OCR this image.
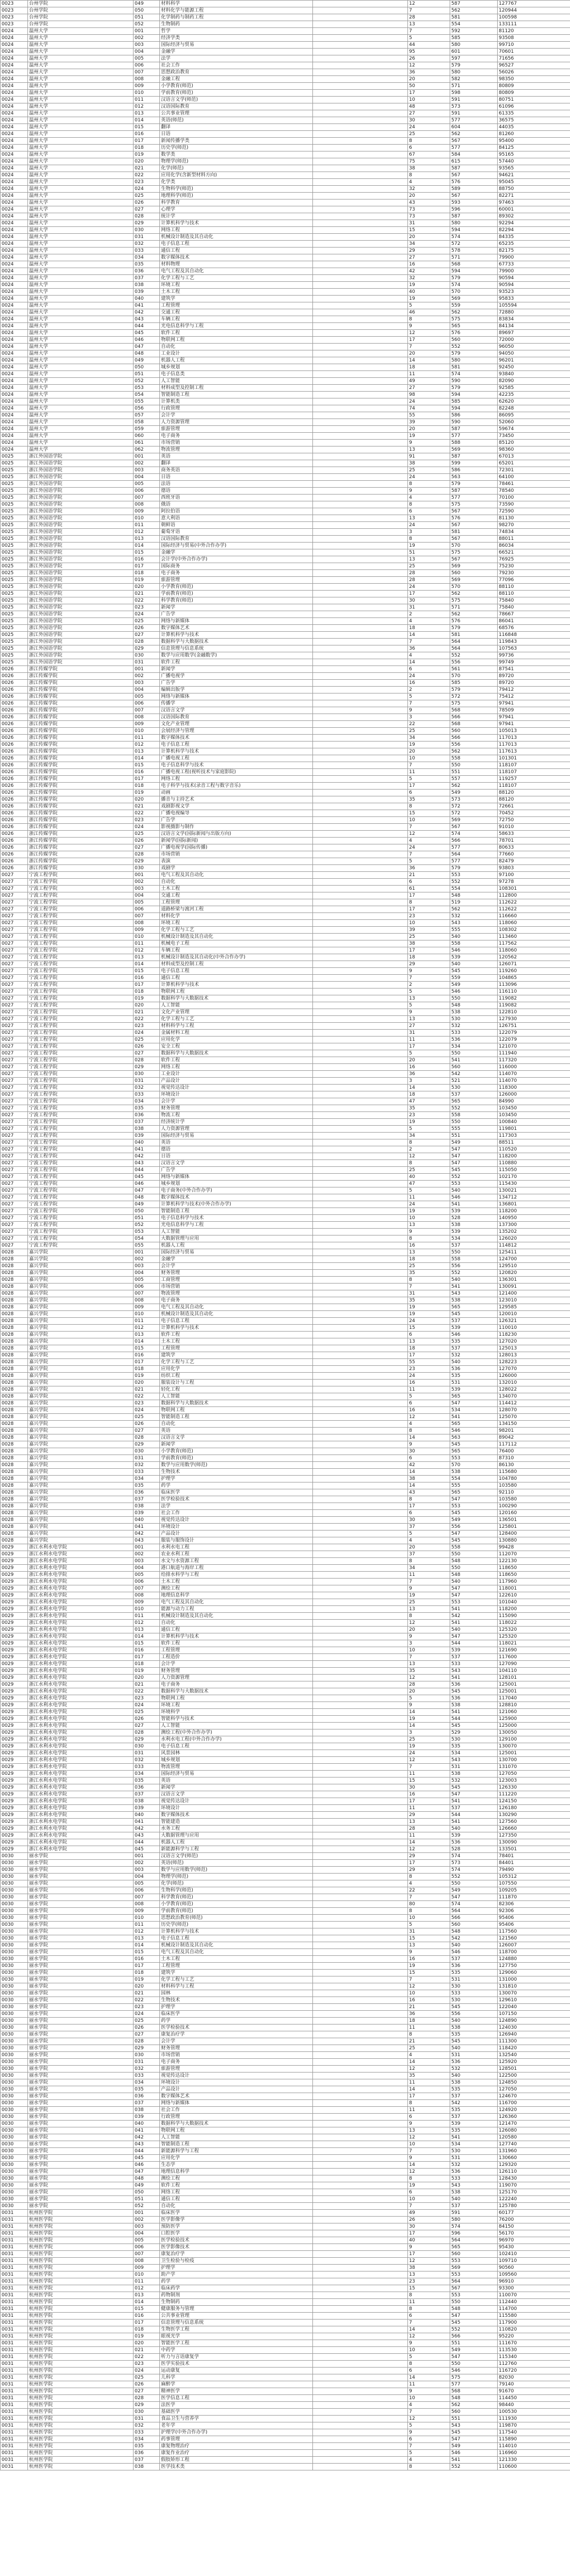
0023	台州学院	049	材料科学		12	587	127767
0023	台州学院	050	材料化学与能源工程		7	562	120944
0023	台州学院	051	化学制药与制药工程		28	581	100598
0023	台州学院	052	生物制药		13	554	133111
0024	温州大学	001	哲学		7	592	81120
0024	温州大学	002	经济学类		5	585	93508
0024	温州大学	003	国际经济与贸易		44	580	99710
0024	温州大学	004	金融学		95	601	70601
0024	温州大学	005	法学		26	597	71656
0024	温州大学	006	社会工作		12	579	96527
0024	温州大学	007	思想政治教育		36	580	56026
0024	温州大学	008	金融工程		20	582	98350
0024	温州大学	009	小学教育(师范)		50	571	80809
0024	温州大学	010	学前教育(师范)		17	598	80809
0024	温州大学	011	汉语言文学(师范)		10	591	80751
0024	温州大学	012	汉语国际教育		48	573	61096
0024	温州大学	013	公共事业管理		27	591	61335
0024	温州大学	014	英语(师范)		30	577	36575
0024	温州大学	015	翻译		24	604	44035
0024	温州大学	016	日语		25	562	81260
0024	温州大学	017	新闻传播学类		8	567	95400
0024	温州大学	018	历史学(师范)		6	577	84125
0024	温州大学	019	数学类		67	584	95165
0024	温州大学	020	物理学(师范)		75	615	57440
0024	温州大学	021	化学(师范)		38	587	93565
0024	温州大学	022	应用化学(含新型材料方向)		8	567	94621
0024	温州大学	023	化学类		4	576	95045
0024	温州大学	024	生物科学(师范)		32	589	88750
0024	温州大学	025	地理科学(师范)		20	567	82271
0024	温州大学	026	科学教育		43	593	97463
0024	温州大学	027	心理学		73	596	60001
0024	温州大学	028	统计学		73	587	89302
0024	温州大学	029	计算机科学与技术		31	580	92294
0024	温州大学	030	网络工程		15	594	82294
0024	温州大学	031	机械设计制造及其自动化		20	574	84335
0024	温州大学	032	电子信息工程		34	572	65235
0024	温州大学	033	通信工程		29	578	82175
0024	温州大学	034	数字媒体技术		27	571	79900
0024	温州大学	035	材料物理		16	568	67733
0024	温州大学	036	电气工程及其自动化		42	594	79900
0024	温州大学	037	化学工程与工艺		32	579	90594
0024	温州大学	038	环境工程		19	574	90594
0024	温州大学	039	土木工程		40	570	93523
0024	温州大学	040	建筑学		19	569	95833
0024	温州大学	041	工程管理		5	559	105594
0024	温州大学	042	交通工程		46	562	72880
0024	温州大学	043	车辆工程		8	575	83834
0024	温州大学	044	光电信息科学与工程		9	565	84134
0024	温州大学	045	软件工程		12	576	89697
0024	温州大学	046	物联网工程		17	560	72000
0024	温州大学	047	自动化		7	552	96050
0024	温州大学	048	工业设计		20	579	94050
0024	温州大学	049	机器人工程		14	580	96201
0024	温州大学	050	城乡规划		18	581	92450
0024	温州大学	051	电子信息类		11	574	93840
0024	温州大学	052	人工智能		49	590	82090
0024	温州大学	053	材料成型及控制工程		27	579	92585
0024	温州大学	054	智能制造工程		98	594	42235
0024	温州大学	055	计算机类		24	585	62620
0024	温州大学	056	行政管理		74	594	82248
0024	温州大学	057	会计学		55	586	86095
0024	温州大学	058	人力资源管理		39	590	52060
0024	温州大学	059	旅游管理		20	587	59674
0024	温州大学	060	电子商务		19	577	73450
0024	温州大学	061	市场营销		9	588	85120
0024	温州大学	062	物流管理		13	569	98360
0025	浙江外国语学院	001	英语		91	587	67013
0025	浙江外国语学院	002	翻译		38	599	65201
0025	浙江外国语学院	003	商务英语		25	586	72301
0025	浙江外国语学院	004	日语		24	563	64100
0025	浙江外国语学院	005	法语		8	579	78461
0025	浙江外国语学院	006	德语		9	587	78540
0025	浙江外国语学院	007	西班牙语		4	577	70100
0025	浙江外国语学院	008	俄语		8	575	73590
0025	浙江外国语学院	009	阿拉伯语		6	567	72590
0025	浙江外国语学院	010	意大利语		13	576	81130
0025	浙江外国语学院	011	朝鲜语		24	567	98270
0025	浙江外国语学院	012	葡萄牙语		3	581	74834
0025	浙江外国语学院	013	汉语国际教育		8	567	88011
0025	浙江外国语学院	014	国际经济与贸易(中外合作办学)		19	570	86034
0025	浙江外国语学院	015	金融学		51	575	66521
0025	浙江外国语学院	016	会计学(中外合作办学)		13	567	76925
0025	浙江外国语学院	017	国际商务		25	569	75230
0025	浙江外国语学院	018	电子商务		28	560	79230
0025	浙江外国语学院	019	旅游管理		28	569	77096
0025	浙江外国语学院	020	小学教育(师范)		24	570	88110
0025	浙江外国语学院	021	学前教育(师范)		17	562	88110
0025	浙江外国语学院	022	科学教育(师范)		30	575	75840
0025	浙江外国语学院	023	新闻学		31	571	75840
0025	浙江外国语学院	024	广告学		2	562	78667
0025	浙江外国语学院	025	网络与新媒体		4	576	86041
0025	浙江外国语学院	026	数字媒体艺术		18	579	68576
0025	浙江外国语学院	027	计算机科学与技术		14	581	116848
0025	浙江外国语学院	028	数据科学与大数据技术		7	564	119843
0025	浙江外国语学院	029	信息管理与信息系统		36	564	107563
0025	浙江外国语学院	030	数学与应用数学(金融数学)		4	552	99736
0025	浙江外国语学院	031	软件工程		14	556	99749
0026	浙江传媒学院	001	新闻学		6	561	87541
0026	浙江传媒学院	002	广播电视学		24	570	89720
0026	浙江传媒学院	003	广告学		16	585	89720
0026	浙江传媒学院	004	编辑出版学		2	579	79412
0026	浙江传媒学院	005	网络与新媒体		5	572	75412
0026	浙江传媒学院	006	传播学		7	575	97941
0026	浙江传媒学院	007	汉语言文学		9	568	78509
0026	浙江传媒学院	008	汉语国际教育		3	566	97941
0026	浙江传媒学院	009	文化产业管理		22	568	97941
0026	浙江传媒学院	010	会展经济与管理		25	560	105013
0026	浙江传媒学院	011	数字媒体技术		34	566	117013
0026	浙江传媒学院	012	电子信息工程		19	556	117013
0026	浙江传媒学院	013	计算机科学与技术		20	562	117613
0026	浙江传媒学院	014	广播电视工程		10	558	101301
0026	浙江传媒学院	015	电子信息科学与技术		7	550	118107
0026	浙江传媒学院	016	广播电视工程(视听技术与家庭影院)		11	551	118107
0026	浙江传媒学院	017	网络工程		5	557	119257
0026	浙江传媒学院	018	电子科学与技术(录音工程与数字音乐)		17	562	118107
0026	浙江传媒学院	019	动画		6	549	88120
0026	浙江传媒学院	020	播音与主持艺术		35	573	88120
0026	浙江传媒学院	021	戏剧影视文学		8	572	72661
0026	浙江传媒学院	022	广播电视编导		15	572	70452
0026	浙江传媒学院	023	广告学		10	569	72750
0026	浙江传媒学院	024	影视摄影与制作		7	567	91010
0026	浙江传媒学院	025	汉语言文学(国际新闻与出版方向)		12	574	58633
0026	浙江传媒学院	026	新闻学(国际新闻)		4	566	78701
0026	浙江传媒学院	027	广播电视学(国际传播)		24	577	80633
0026	浙江传媒学院	028	市场营销		7	564	77660
0026	浙江传媒学院	029	表演		5	577	82479
0026	浙江传媒学院	030	戏剧学		36	579	93803
0027	宁波工程学院	001	电气工程及其自动化		21	553	97100
0027	宁波工程学院	002	自动化		6	552	97278
0027	宁波工程学院	003	土木工程		61	554	108301
0027	宁波工程学院	004	交通工程		17	548	112800
0027	宁波工程学院	005	工程管理		8	519	112622
0027	宁波工程学院	006	道路桥梁与渡河工程		17	562	112622
0027	宁波工程学院	007	材料化学		23	532	116660
0027	宁波工程学院	008	环境工程		10	543	118060
0027	宁波工程学院	009	化学工程与工艺		39	555	108302
0027	宁波工程学院	010	机械设计制造及其自动化		25	540	113460
0027	宁波工程学院	011	机械电子工程		38	558	117562
0027	宁波工程学院	012	车辆工程		17	546	118060
0027	宁波工程学院	013	机械设计制造及其自动化(中外合作办学)		18	539	120562
0027	宁波工程学院	014	材料成型及控制工程		29	540	126071
0027	宁波工程学院	015	电子信息工程		9	545	119260
0027	宁波工程学院	016	通信工程		7	559	104865
0027	宁波工程学院	017	计算机科学与技术		2	549	113096
0027	宁波工程学院	018	物联网工程		5	546	116110
0027	宁波工程学院	019	数据科学与大数据技术		13	550	119082
0027	宁波工程学院	020	人工智能		5	548	119082
0027	宁波工程学院	021	文化产业管理		9	538	122810
0027	宁波工程学院	022	化学工程与工艺		13	530	127930
0027	宁波工程学院	023	材料科学与工程		27	532	126751
0027	宁波工程学院	024	金属材料工程		31	533	122079
0027	宁波工程学院	025	应用化学		11	536	122079
0027	宁波工程学院	026	安全工程		17	534	121070
0027	宁波工程学院	027	数据科学与大数据技术		5	550	111940
0027	宁波工程学院	028	软件工程		20	541	117320
0027	宁波工程学院	029	网络工程		16	560	116000
0027	宁波工程学院	030	工业设计		36	542	114070
0027	宁波工程学院	031	产品设计		3	521	114070
0027	宁波工程学院	032	视觉传达设计		14	530	118300
0027	宁波工程学院	033	环境设计		18	537	126000
0027	宁波工程学院	034	会计学		47	565	84990
0027	宁波工程学院	035	财务管理		35	552	103450
0027	宁波工程学院	036	物流工程		23	558	103450
0027	宁波工程学院	037	经济统计学		19	550	100840
0027	宁波工程学院	038	人力资源管理		5	555	119801
0027	宁波工程学院	039	国际经济与贸易		34	551	117303
0027	宁波工程学院	040	英语		8	549	88511
0027	宁波工程学院	041	德语		2	547	110520
0027	宁波工程学院	042	日语		12	547	118200
0027	宁波工程学院	043	汉语言文学		8	547	110880
0027	宁波工程学院	044	广告学		25	545	115050
0027	宁波工程学院	045	网络与新媒体		40	552	102170
0027	宁波工程学院	046	城乡规划		47	553	115430
0027	宁波工程学院	047	电子商务(中外合作办学)		5	540	130021
0027	宁波工程学院	048	数字媒体技术		11	546	134712
0027	宁波工程学院	049	计算机科学与技术(中外合作办学)		24	541	136801
0027	宁波工程学院	050	智能制造工程		19	539	118200
0027	宁波工程学院	051	电子信息科学与技术		10	528	140950
0027	宁波工程学院	052	光电信息科学与工程		13	538	137300
0027	宁波工程学院	053	人工智能		9	539	135202
0027	宁波工程学院	054	大数据管理与应用		8	534	126020
0027	宁波工程学院	055	机器人工程		16	537	114812
0028	嘉兴学院	001	国际经济与贸易		13	550	125411
0028	嘉兴学院	002	金融学		18	558	124700
0028	嘉兴学院	003	会计学		25	556	129510
0028	嘉兴学院	004	财务管理		35	552	120820
0028	嘉兴学院	005	工商管理		8	540	136301
0028	嘉兴学院	006	市场营销		7	541	130091
0028	嘉兴学院	007	物流管理		31	543	121400
0028	嘉兴学院	008	电子商务		35	538	123010
0028	嘉兴学院	009	电气工程及其自动化		19	565	129585
0028	嘉兴学院	010	机械设计制造及其自动化		19	545	120010
0028	嘉兴学院	011	电子信息工程		24	537	126321
0028	嘉兴学院	012	计算机科学与技术		15	539	110010
0028	嘉兴学院	013	软件工程		6	546	118230
0028	嘉兴学院	014	土木工程		13	535	127020
0028	嘉兴学院	015	工程管理		18	537	125013
0028	嘉兴学院	016	建筑学		17	532	128013
0028	嘉兴学院	017	化学工程与工艺		55	540	128223
0028	嘉兴学院	018	应用化学		23	536	127070
0028	嘉兴学院	019	纺织工程		24	535	126000
0028	嘉兴学院	020	服装设计与工程		16	531	132010
0028	嘉兴学院	021	轻化工程		11	539	128022
0028	嘉兴学院	022	人工智能		5	565	134070
0028	嘉兴学院	023	数据科学与大数据技术		6	547	114412
0028	嘉兴学院	024	物联网工程		16	534	128070
0028	嘉兴学院	025	智能制造工程		12	541	125070
0028	嘉兴学院	026	自动化		4	565	134150
0028	嘉兴学院	027	英语		8	546	98201
0028	嘉兴学院	028	汉语言文学		14	563	89042
0028	嘉兴学院	029	新闻学		9	545	117112
0028	嘉兴学院	030	小学教育(师范)		30	565	76400
0028	嘉兴学院	031	学前教育(师范)		6	553	87310
0028	嘉兴学院	032	数学与应用数学(师范)		42	570	86130
0028	嘉兴学院	033	生物技术		14	538	115680
0028	嘉兴学院	034	护理学		38	554	104780
0028	嘉兴学院	035	药学		14	555	103580
0028	嘉兴学院	036	临床医学		43	565	92110
0028	嘉兴学院	037	医学检验技术		8	547	103580
0028	嘉兴学院	038	法学		17	553	100290
0028	嘉兴学院	039	社会工作		6	545	120160
0028	嘉兴学院	040	视觉传达设计		30	549	136501
0028	嘉兴学院	041	环境设计		37	556	125801
0028	嘉兴学院	042	产品设计		5	547	128400
0028	嘉兴学院	043	服装与服饰设计		4	545	130880
0029	浙江水利水电学院	001	水利水电工程		20	558	99428
0029	浙江水利水电学院	002	农业水利工程		37	550	112070
0029	浙江水利水电学院	003	水文与水资源工程		8	548	122130
0029	浙江水利水电学院	004	港口航道与海岸工程		34	550	118650
0029	浙江水利水电学院	005	给排水科学与工程		11	548	118650
0029	浙江水利水电学院	006	土木工程		7	540	117960
0029	浙江水利水电学院	007	测绘工程		9	547	118001
0029	浙江水利水电学院	008	地理信息科学		19	547	122610
0029	浙江水利水电学院	009	电气工程及其自动化		25	553	101040
0029	浙江水利水电学院	010	能源与动力工程		13	541	118200
0029	浙江水利水电学院	011	机械设计制造及其自动化		8	542	115090
0029	浙江水利水电学院	012	自动化		12	541	118022
0029	浙江水利水电学院	013	通信工程		20	540	125320
0029	浙江水利水电学院	014	计算机科学与技术		9	547	125320
0029	浙江水利水电学院	015	软件工程		3	544	118021
0029	浙江水利水电学院	016	工程管理		10	539	121690
0029	浙江水利水电学院	017	工程造价		7	537	117600
0029	浙江水利水电学院	018	会计学		13	533	127090
0029	浙江水利水电学院	019	财务管理		35	543	104110
0029	浙江水利水电学院	020	人力资源管理		12	541	128101
0029	浙江水利水电学院	021	电子商务		28	536	125001
0029	浙江水利水电学院	022	数据科学与大数据技术		20	545	125001
0029	浙江水利水电学院	023	物联网工程		5	536	117040
0029	浙江水利水电学院	024	环境工程		9	538	128810
0029	浙江水利水电学院	025	环境科学		14	541	121060
0029	浙江水利水电学院	026	智能科学与技术		19	544	125900
0029	浙江水利水电学院	027	人工智能		14	545	125000
0029	浙江水利水电学院	028	测绘工程(中外合作办学)		3	529	130050
0029	浙江水利水电学院	029	水利水电工程(中外合作办学)		25	530	129100
0029	浙江水利水电学院	030	电子信息工程		19	535	130070
0029	浙江水利水电学院	031	风景园林		24	534	125001
0029	浙江水利水电学院	032	城乡规划		12	543	130700
0029	浙江水利水电学院	033	物流管理		7	531	131070
0029	浙江水利水电学院	034	国际经济与贸易		11	538	127050
0029	浙江水利水电学院	035	英语		15	532	123003
0029	浙江水利水电学院	036	新闻学		30	545	126330
0029	浙江水利水电学院	037	汉语言文学		16	547	111220
0029	浙江水利水电学院	038	视觉传达设计		17	541	124150
0029	浙江水利水电学院	039	环境设计		11	537	126180
0029	浙江水利水电学院	040	数字媒体技术		29	544	130290
0029	浙江水利水电学院	041	智能建造		13	541	127560
0029	浙江水利水电学院	042	水务工程		28	540	126660
0029	浙江水利水电学院	043	大数据管理与应用		11	539	127350
0029	浙江水利水电学院	044	机器人工程		14	536	130090
0029	浙江水利水电学院	045	新能源科学与工程		12	528	133501
0030	丽水学院	001	汉语言文学(师范)		29	574	78401
0030	丽水学院	002	英语(师范)		17	573	84401
0030	丽水学院	003	数学与应用数学(师范)		29	574	79490
0030	丽水学院	004	物理学(师范)		8	552	105312
0030	丽水学院	005	化学(师范)		4	550	107550
0030	丽水学院	006	生物科学(师范)		22	549	109205
0030	丽水学院	007	科学教育(师范)		7	547	111870
0030	丽水学院	008	小学教育(师范)		80	574	82306
0030	丽水学院	009	学前教育(师范)		8	564	92306
0030	丽水学院	010	思想政治教育(师范)		10	566	95406
0030	丽水学院	011	历史学(师范)		5	560	95406
0030	丽水学院	012	计算机科学与技术		31	548	117560
0030	丽水学院	013	电子信息工程		15	542	121560
0030	丽水学院	014	机械设计制造及其自动化		13	540	126007
0030	丽水学院	015	电气工程及其自动化		9	546	118700
0030	丽水学院	016	土木工程		16	537	124880
0030	丽水学院	017	工程管理		19	536	127750
0030	丽水学院	018	建筑学		15	535	129060
0030	丽水学院	019	化学工程与工艺		7	531	131000
0030	丽水学院	020	材料科学与工程		12	530	131810
0030	丽水学院	021	园林		10	533	130070
0030	丽水学院	022	生物技术		16	530	129610
0030	丽水学院	023	护理学		21	545	122040
0030	丽水学院	024	临床医学		36	556	107150
0030	丽水学院	025	药学		18	540	124890
0030	丽水学院	026	医学检验技术		11	538	124030
0030	丽水学院	027	康复治疗学		8	535	126940
0030	丽水学院	028	会计学		21	545	111300
0030	丽水学院	029	财务管理		25	540	118420
0030	丽水学院	030	市场营销		4	531	132540
0030	丽水学院	031	电子商务		14	536	125920
0030	丽水学院	032	旅游管理		12	532	128501
0030	丽水学院	033	视觉传达设计		35	540	122500
0030	丽水学院	034	环境设计		11	538	124850
0030	丽水学院	035	产品设计		14	535	127050
0030	丽水学院	036	数字媒体艺术		17	537	124670
0030	丽水学院	037	网络与新媒体		8	542	116700
0030	丽水学院	038	社会工作		11	535	124920
0030	丽水学院	039	行政管理		6	537	126360
0030	丽水学院	040	数据科学与大数据技术		9	539	121470
0030	丽水学院	041	物联网工程		13	535	126080
0030	丽水学院	042	人工智能		12	541	120580
0030	丽水学院	043	智能制造工程		10	534	127740
0030	丽水学院	044	新能源科学与工程		7	530	131960
0030	丽水学院	045	应用化学		9	531	130660
0030	丽水学院	046	生态学		14	532	129320
0030	丽水学院	047	地理信息科学		12	536	126110
0030	丽水学院	048	测绘工程		8	533	128430
0030	丽水学院	049	软件工程		19	543	119070
0030	丽水学院	050	网络工程		6	538	125170
0030	丽水学院	051	通信工程		10	540	122240
0030	丽水学院	052	自动化		7	537	125780
0031	杭州医学院	001	临床医学		49	591	60177
0031	杭州医学院	002	医学影像学		26	580	76200
0031	杭州医学院	003	预防医学		30	574	84150
0031	杭州医学院	004	口腔医学		17	596	56170
0031	杭州医学院	005	医学检验技术		40	564	96970
0031	杭州医学院	006	医学影像技术		9	565	95430
0031	杭州医学院	007	康复治疗学		17	560	102410
0031	杭州医学院	008	卫生检验与检疫		12	553	109710
0031	杭州医学院	009	护理学		38	569	90560
0031	杭州医学院	010	助产学		13	553	109560
0031	杭州医学院	011	药学		23	564	96910
0031	杭州医学院	012	临床药学		15	567	93300
0031	杭州医学院	013	药物制剂		8	553	110070
0031	杭州医学院	014	生物制药		11	550	112440
0031	杭州医学院	015	健康服务与管理		8	548	114700
0031	杭州医学院	016	公共事业管理		6	547	115580
0031	杭州医学院	017	信息管理与信息系统		7	545	117900
0031	杭州医学院	018	生物医学工程		14	552	110820
0031	杭州医学院	019	眼视光学		12	566	95220
0031	杭州医学院	020	智能医学工程		9	551	111670
0031	杭州医学院	021	中药学		10	549	113530
0031	杭州医学院	022	听力与言语康复学		5	547	115340
0031	杭州医学院	023	医学实验技术		8	550	112760
0031	杭州医学院	024	运动康复		6	546	116720
0031	杭州医学院	025	儿科学		14	575	82030
0031	杭州医学院	026	麻醉学		11	577	79140
0031	杭州医学院	027	精神医学		9	568	91670
0031	杭州医学院	028	医学信息工程		10	548	114450
0031	杭州医学院	029	法医学		4	562	98440
0031	杭州医学院	030	基础医学		7	560	100530
0031	杭州医学院	031	食品卫生与营养学		12	551	111930
0031	杭州医学院	032	老年学		5	543	119870
0031	杭州医学院	033	护理学(中外合作办学)		9	545	117540
0031	杭州医学院	034	药事管理		6	547	115890
0031	杭州医学院	035	康复物理治疗		7	549	114010
0031	杭州医学院	036	康复作业治疗		5	546	116960
0031	杭州医学院	037	假肢矫形工程		4	541	121330
0031	杭州医学院	038	医学技术类		8	552	110600
